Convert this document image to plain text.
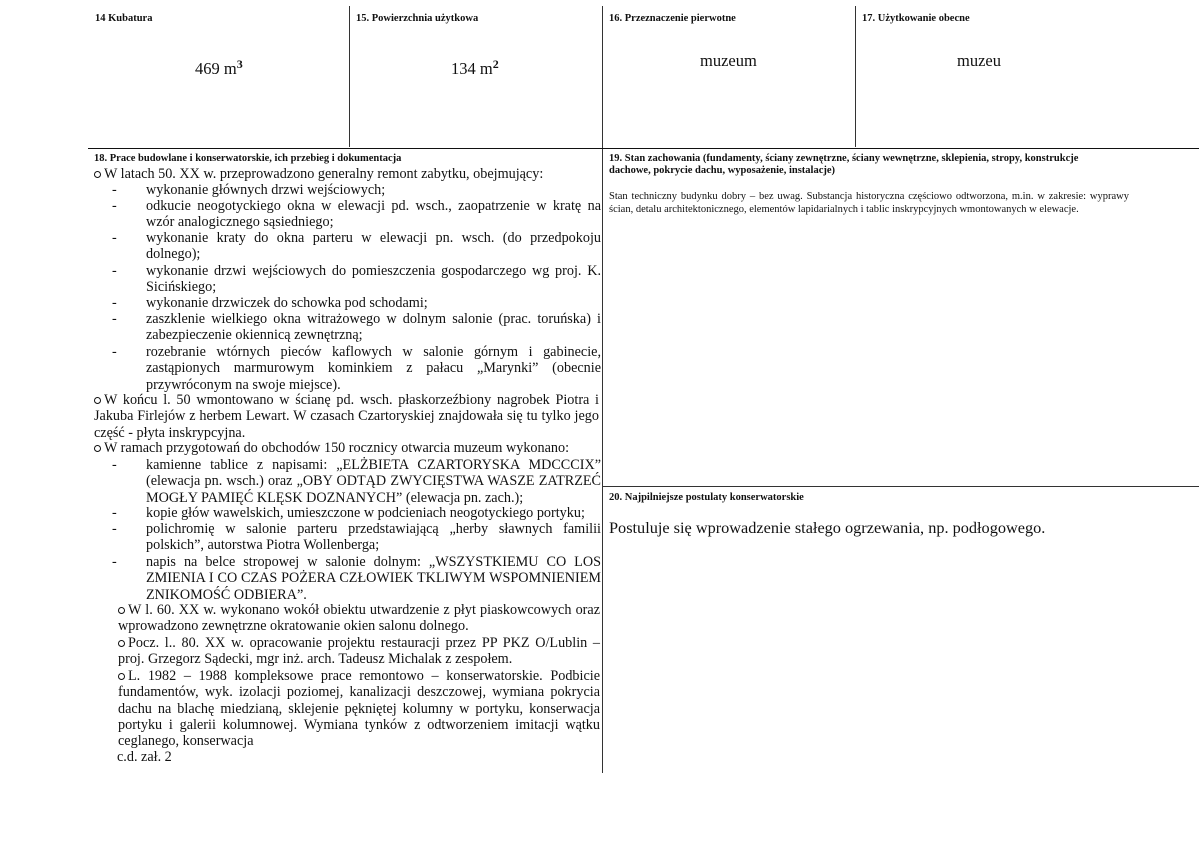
14 Kubatura
469 $m^3$
15. Powierzchnia użytkowa
134 $m^2$
16. Przeznaczenie pierwotne
muzeum
17. Użytkowanie obecne
muzeu
18. Prace budowlane i konserwatorskie, ich przebieg i dokumentacja
W latach 50. XX w. przeprowadzono generalny remont zabytku, obejmujący:
-	wykonanie głównych drzwi wejściowych;
-	odkucie neogotyckiego okna w elewacji pd. wsch., zaopatrzenie w kratę na wzór analogicznego sąsiedniego;
-	wykonanie kraty do okna parteru w elewacji pn. wsch. (do przedpokoju dolnego);
-	wykonanie drzwi wejściowych do pomieszczenia gospodarczego wg proj. K. Sicińskiego;
-	wykonanie drzwiczek do schowka pod schodami;
-	zaszklenie wielkiego okna witrażowego w dolnym salonie (prac. toruńska) i zabezpieczenie okiennicą zewnętrzną;
-	rozebranie wtórnych pieców kaflowych w salonie górnym i gabinecie, zastąpionych marmurowym kominkiem z pałacu „Marynki” (obecnie przywróconym na swoje miejsce).
W końcu l. 50 wmontowano w ścianę pd. wsch. płaskorzeźbiony nagrobek Piotra i Jakuba Firlejów z herbem Lewart. W czasach Czartoryskiej znajdowała się tu tylko jego część - płyta inskrypcyjna.
W ramach przygotowań do obchodów 150 rocznicy otwarcia muzeum wykonano:
-	kamienne tablice z napisami: „ELŻBIETA CZARTORYSKA MDCCCIX” (elewacja pn. wsch.) oraz „OBY ODTĄD ZWYCIĘSTWA WASZE ZATRZEĆ MOGŁY PAMIĘĆ KLĘSK DOZNANYCH” (elewacja pn. zach.);
-	kopie głów wawelskich, umieszczone w podcieniach neogotyckiego portyku;
-	polichromię w salonie parteru przedstawiającą „herby sławnych familii polskich”, autorstwa Piotra Wollenberga;
-	napis na belce stropowej w salonie dolnym: „WSZYSTKIEMU CO LOS ZMIENIA I CO CZAS POŻERA CZŁOWIEK TKLIWYM WSPOMNIENIEM ZNIKOMOŚĆ ODBIERA”.
W l. 60. XX w. wykonano wokół obiektu utwardzenie z płyt piaskowcowych oraz wprowadzono zewnętrzne okratowanie okien salonu dolnego.
Pocz. l.. 80. XX w. opracowanie projektu restauracji przez PP PKZ O/Lublin – proj. Grzegorz Sądecki, mgr inż. arch. Tadeusz Michalak z zespołem.
L. 1982 – 1988 kompleksowe prace remontowo – konserwatorskie. Podbicie fundamentów, wyk. izolacji poziomej, kanalizacji deszczowej, wymiana pokrycia dachu na blachę miedzianą, sklejenie pękniętej kolumny w portyku, konserwacja portyku i galerii kolumnowej. Wymiana tynków z odtworzeniem imitacji wątku ceglanego, konserwacja
c.d. zał. 2
19. Stan zachowania (fundamenty, ściany zewnętrzne, ściany wewnętrzne, sklepienia, stropy, konstrukcje dachowe, pokrycie dachu, wyposażenie, instalacje)
Stan techniczny budynku dobry – bez uwag. Substancja historyczna częściowo odtworzona, m.in. w zakresie: wyprawy ścian, detalu architektonicznego, elementów lapidarialnych i tablic inskrypcyjnych wmontowanych w elewacje.
20. Najpilniejsze postulaty konserwatorskie
Postuluje się wprowadzenie stałego ogrzewania, np. podłogowego.
